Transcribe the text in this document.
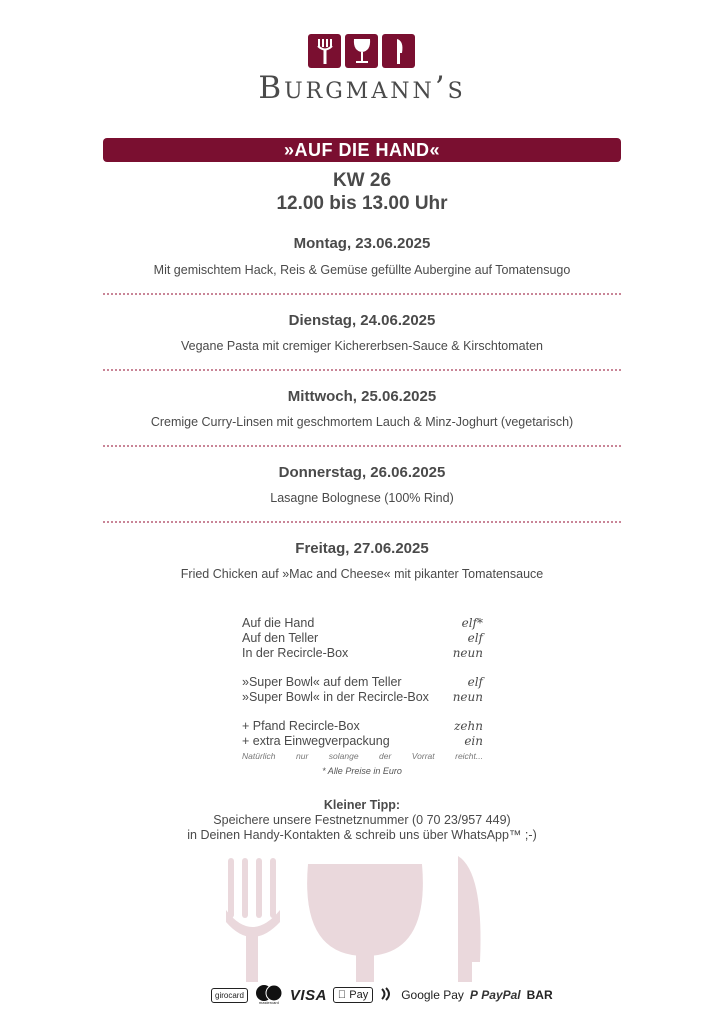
Burgmann’s
»AUF DIE HAND«
KW 26
12.00 bis 13.00 Uhr
Montag, 23.06.2025
Mit gemischtem Hack, Reis & Gemüse gefüllte Aubergine auf Tomatensugo
Dienstag, 24.06.2025
Vegane Pasta mit cremiger Kichererbsen-Sauce & Kirschtomaten
Mittwoch, 25.06.2025
Cremige Curry-Linsen mit geschmortem Lauch & Minz-Joghurt (vegetarisch)
Donnerstag, 26.06.2025
Lasagne Bolognese (100% Rind)
Freitag, 27.06.2025
Fried Chicken auf »Mac and Cheese« mit pikanter Tomatensauce
Auf die Hand	elf*
Auf den Teller	elf
In der Recircle-Box	neun
»Super Bowl« auf dem Teller	elf
»Super Bowl« in der Recircle-Box neun
+ Pfand Recircle-Box	zehn
+ extra Einwegverpackung	ein
Natürlich nur solange der Vorrat reicht...
* Alle Preise in Euro
Kleiner Tipp:
Speichere unsere Festnetznummer (0 70 23/957 449)
in Deinen Handy-Kontakten & schreib uns über WhatsApp™ ;-)
girocard
mastercard VISA	Pay	Google Pay P PayPal BAR
